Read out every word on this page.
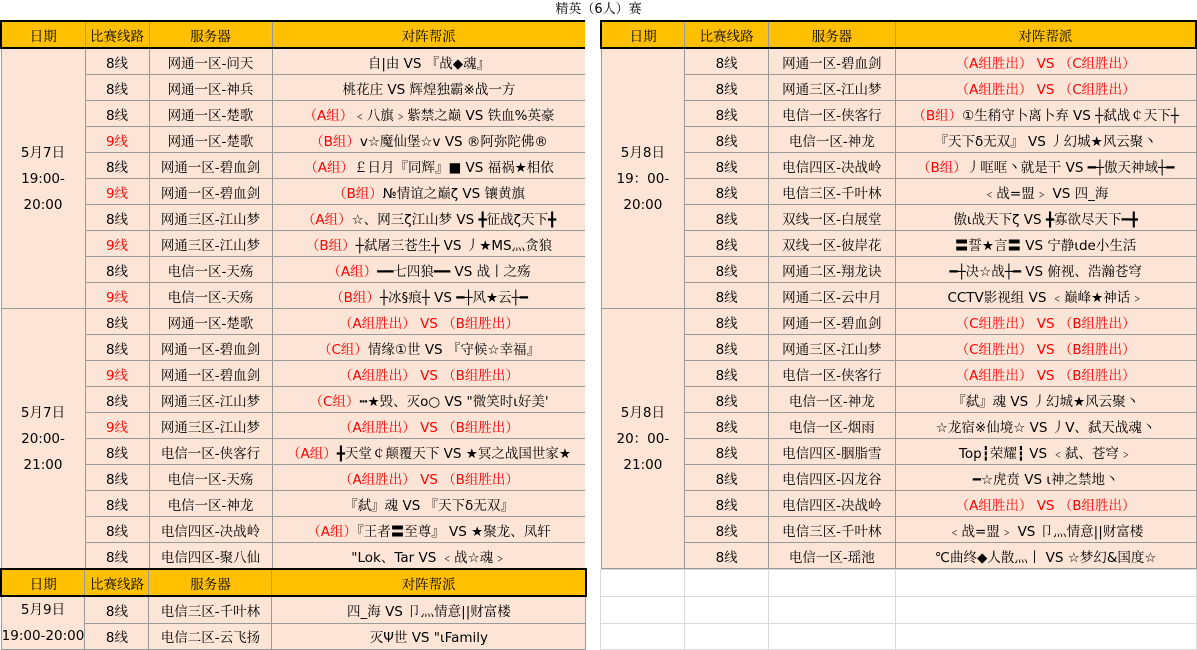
精英（6人）赛
日期	比赛线路	服务器	对阵帮派

5月7日
19:00-
20:00	8线	网通一区-问天	自|由 VS 『战◆魂』
	8线	网通一区-神兵	桃花庄 VS 辉煌独霸※战一方
	8线	网通一区-楚歌	（A组）﹤八旗﹥紫禁之巅 VS 铁血%英豪
	9线	网通一区-楚歌	（B组）v☆魔仙堡☆v VS ®阿弥陀佛®
	8线	网通一区-碧血剑	（A组）￡日月『同辉』■ VS 福祸★相依
	9线	网通一区-碧血剑	（B组）№情谊之巅ζ VS 镶黄旗
	8线	网通三区-江山梦	（A组）☆、网三ζ江山梦 VS ╋征战ζ天下╋
	9线	网通三区-江山梦	（B组）┼弑屠三苍生┼ VS 丿★MS灬贪狼
	8线	电信一区-天殇	（A组）━━七四狼━━ VS 战丨之殇
	9线	电信一区-天殇	（B组）┼冰§痕┼ VS ━┼风★云┼━

5月7日
20:00-
21:00	8线	网通一区-楚歌	（A组胜出） VS （B组胜出）
	8线	网通一区-碧血剑	（C组）情缘①世 VS 『守候☆幸福』
	9线	网通一区-碧血剑	（A组胜出） VS （B组胜出）
	8线	网通三区-江山梦	（C组）┅★毁、灭o○ VS "微笑时ι好美'
	9线	网通三区-江山梦	（A组胜出） VS （B组胜出）
	8线	电信一区-侠客行	（A组）╋天堂￠颠覆天下 VS ★冥之战国世家★
	8线	电信一区-天殇	（A组胜出） VS （B组胜出）
	8线	电信一区-神龙	『弑』魂 VS 『天下δ无双』
	8线	电信四区-决战岭	（A组）『王者〓至尊』 VS ★聚龙、凤轩
	8线	电信四区-聚八仙	"Lok、Tar VS ﹤战☆魂﹥
日期	比赛线路	服务器	对阵帮派

5月8日
19：00-
20:00	8线	网通一区-碧血剑	（A组胜出） VS （C组胜出）
	8线	网通三区-江山梦	（A组胜出） VS （C组胜出）
	8线	电信一区-侠客行	（B组）①生稍守卜离卜弃 VS ┼弑战￠天下┼
	8线	电信一区-神龙	『天下δ无双』 VS 丿幻城★风云聚丶
	8线	电信四区-决战岭	（B组）丿哐哐丶就是干 VS ━┼傲天神域┼━
	8线	电信三区-千叶林	﹤战=盟﹥ VS 四_海
	8线	双线一区-白展堂	傲ι战天下ζ VS ╋寡欲尽天下━╋
	8线	双线一区-彼岸花	〓誓★言〓 VS 宁静ιde小生活
	8线	网通二区-翔龙诀	━┼决☆战┼━ VS 俯视、浩瀚苍穹
	8线	网通二区-云中月	CCTV影视组 VS ﹤巅峰★神话﹥

5月8日
20：00-
21:00	8线	网通一区-碧血剑	（C组胜出） VS （B组胜出）
	8线	网通三区-江山梦	（C组胜出） VS （B组胜出）
	8线	电信一区-侠客行	（A组胜出） VS （B组胜出）
	8线	电信一区-神龙	『弑』魂 VS 丿幻城★风云聚丶
	8线	电信一区-烟雨	☆龙宿※仙境☆ VS 丿V、弑天战魂丶
	8线	电信四区-胭脂雪	Top┇荣耀┇ VS ﹤弑、苍穹﹥
	8线	电信四区-囚龙谷	━☆虎贲 VS ι神之禁地丶
	8线	电信四区-决战岭	（A组胜出） VS （B组胜出）
	8线	电信三区-千叶林	﹤战=盟﹥ VS 卩灬情意||财富楼
	8线	电信一区-瑶池	℃曲终◆人散灬丨 VS ☆梦幻&国度☆
日期	比赛线路	服务器	对阵帮派					

5月9日
19:00-20:00	8线	电信三区-千叶林	四_海 VS 卩灬情意||财富楼					
	8线	电信二区-云飞扬	灭Ψ世 VS "ιFamily					
